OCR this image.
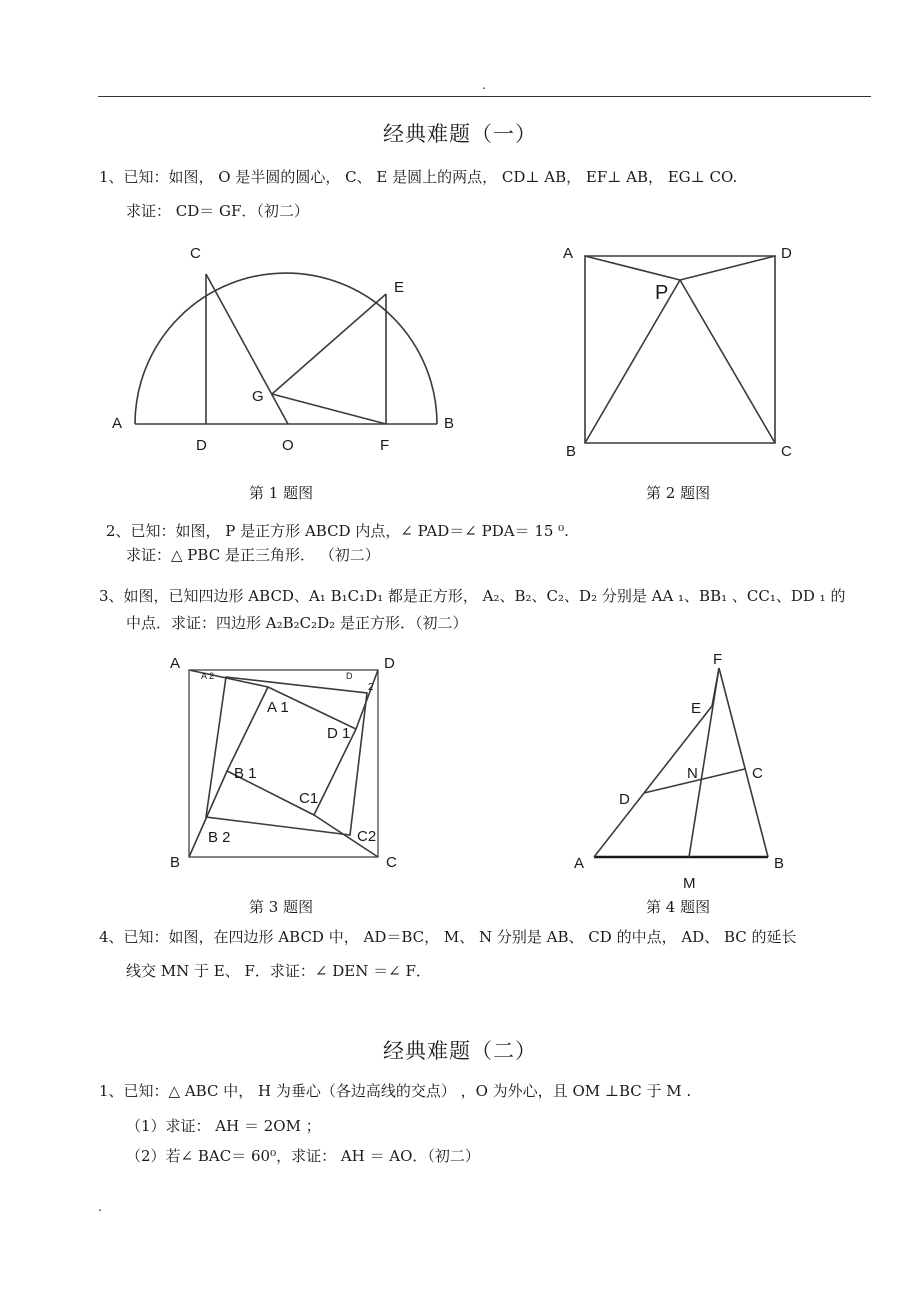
.
经典难题（一）
1、已知：如图， O 是半圆的圆心， C、 E 是圆上的两点， CD⊥ AB， EF⊥ AB， EG⊥ CO.
求证： CD＝ GF．（初二）
C
E
G
A	B
D	O	F
A	D
P
B	C
第 1 题图	第 2 题图
2、已知：如图， P 是正方形 ABCD 内点，∠ PAD＝∠ PDA＝ 15 ⁰.
求证：△ PBC 是正三角形． （初二）
3、如图，已知四边形 ABCD、A₁ B₁C₁D₁ 都是正方形， A₂、B₂、C₂、D₂ 分别是 AA ₁、BB₁ 、CC₁、DD ₁ 的
中点．求证：四边形 A₂B₂C₂D₂ 是正方形．（初二）
A	D
A 2	D
2
A 1
D 1
B 1
C1
B 2	C2
B	C
F
E
N	C
D
A	B
M
第 3 题图	第 4 题图
4、已知：如图，在四边形 ABCD 中， AD＝BC， M、 N 分别是 AB、 CD 的中点， AD、 BC 的延长
线交 MN 于 E、 F．求证：∠ DEN ＝∠ F．
经典难题（二）
1、已知：△ ABC 中， H 为垂心（各边高线的交点） ，O 为外心，且 OM ⊥BC 于 M .
（1）求证： AH ＝ 2OM ；
（2）若∠ BAC＝ 60⁰，求证： AH ＝ AO．（初二）
.
